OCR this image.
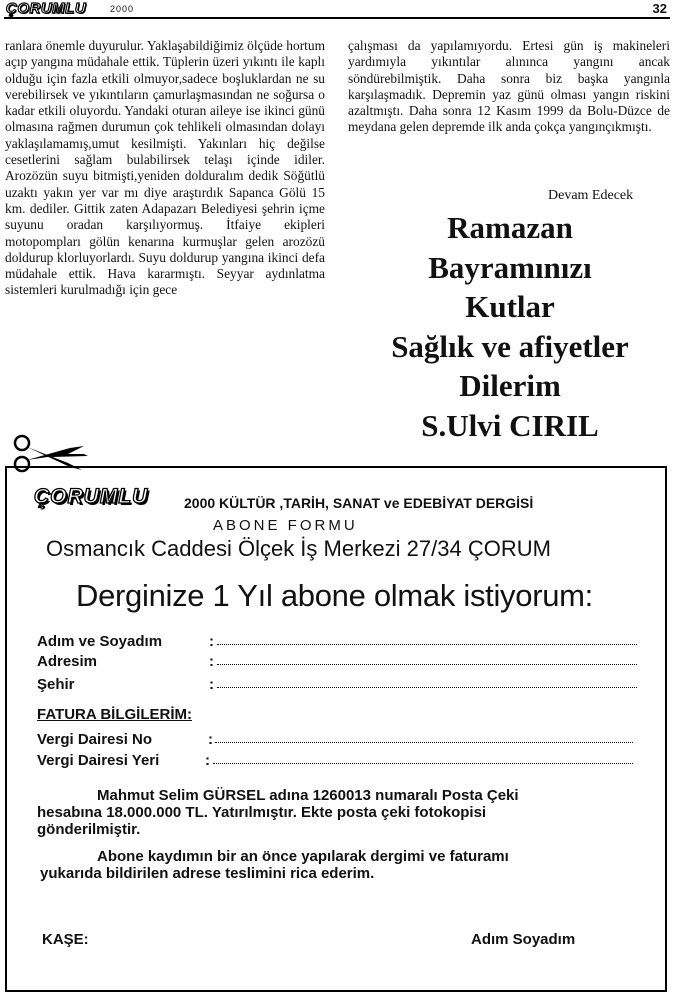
ÇORUMLU	2000	32

ranlara önemle duyurulur. Yaklaşabildiğimiz ölçüde hortum açıp yangına müdahale ettik. Tüplerin üzeri yıkıntı ile kaplı olduğu için fazla etkili olmuyor,sadece boşluklardan ne su verebilirsek ve yıkıntıların çamurlaşmasından ne soğursa o kadar etkili oluyordu. Yandaki oturan aileye ise ikinci günü olmasına rağmen durumun çok tehlikeli olmasından dolayı yaklaşılamamış,umut kesilmişti. Yakınları hiç değilse cesetlerini sağlam bulabilirsek telaşı içinde idiler. Arozözün suyu bitmişti,yeniden dolduralım dedik Söğütlü uzaktı yakın yer var mı diye araştırdık Sapanca Gölü 15 km. dediler. Gittik zaten Adapazarı Belediyesi şehrin içme suyunu oradan karşılıyormuş. İtfaiye ekipleri motopompları gölün kenarına kurmuşlar gelen arozözü doldurup klorluyorlardı. Suyu doldurup yangına ikinci defa müdahale ettik. Hava kararmıştı. Seyyar aydınlatma sistemleri kurulmadığı için gece

çalışması da yapılamıyordu. Ertesi gün iş makineleri yardımıyla yıkıntılar alınınca yangını ancak söndürebilmiştik. Daha sonra biz başka yangınla karşılaşmadık. Depremin yaz günü olması yangın riskini azaltmıştı. Daha sonra 12 Kasım 1999 da Bolu-Düzce de meydana gelen depremde ilk anda çokça yangınçıkmıştı.

Devam Edecek
Ramazan
Bayramınızı
Kutlar
Sağlık ve afiyetler
Dilerim
S.Ulvi CIRIL
ÇORUMLU	2000 KÜLTÜR ,TARİH, SANAT ve EDEBİYAT DERGİSİ
ABONE FORMU
Osmancık Caddesi Ölçek İş Merkezi 27/34 ÇORUM
Derginize 1 Yıl abone olmak istiyorum:
Adım ve Soyadım	:
Adresim	:
Şehir	:
FATURA BİLGİLERİM:
Vergi Dairesi No	:
Vergi Dairesi Yeri	:
Mahmut Selim GÜRSEL adına 1260013 numaralı Posta Çeki
hesabına 18.000.000 TL. Yatırılmıştır. Ekte posta çeki fotokopisi
gönderilmiştir.
Abone kaydımın bir an önce yapılarak dergimi ve faturamı
yukarıda bildirilen adrese teslimini rica ederim.
KAŞE:	Adım Soyadım
